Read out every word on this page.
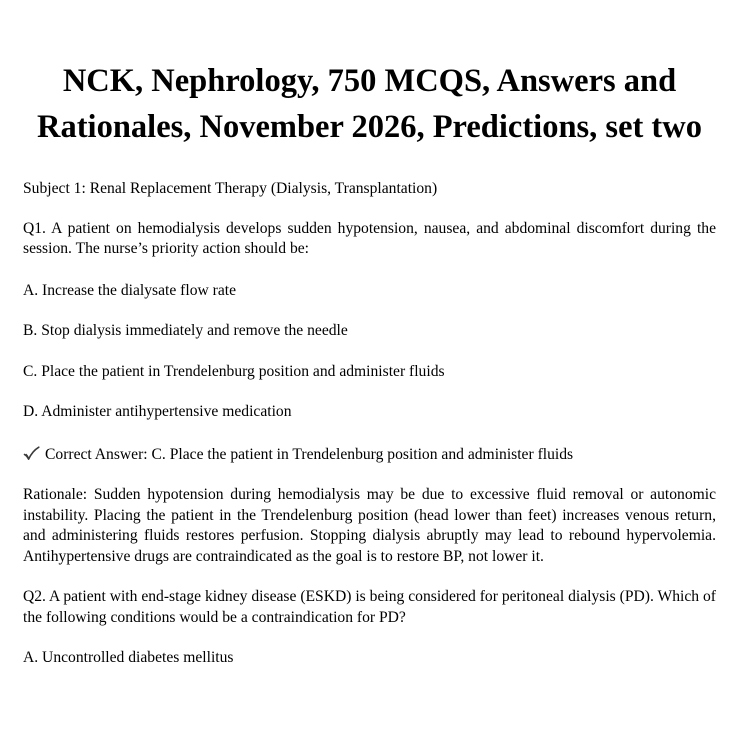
NCK, Nephrology, 750 MCQS, Answers and Rationales, November 2026, Predictions, set two

Subject 1: Renal Replacement Therapy (Dialysis, Transplantation)

Q1. A patient on hemodialysis develops sudden hypotension, nausea, and abdominal discomfort during the session. The nurse’s priority action should be:

A. Increase the dialysate flow rate

B. Stop dialysis immediately and remove the needle

C. Place the patient in Trendelenburg position and administer fluids

D. Administer antihypertensive medication

Correct Answer: C. Place the patient in Trendelenburg position and administer fluids

Rationale: Sudden hypotension during hemodialysis may be due to excessive fluid removal or autonomic instability. Placing the patient in the Trendelenburg position (head lower than feet) increases venous return, and administering fluids restores perfusion. Stopping dialysis abruptly may lead to rebound hypervolemia. Antihypertensive drugs are contraindicated as the goal is to restore BP, not lower it.

Q2. A patient with end-stage kidney disease (ESKD) is being considered for peritoneal dialysis (PD). Which of the following conditions would be a contraindication for PD?

A. Uncontrolled diabetes mellitus
